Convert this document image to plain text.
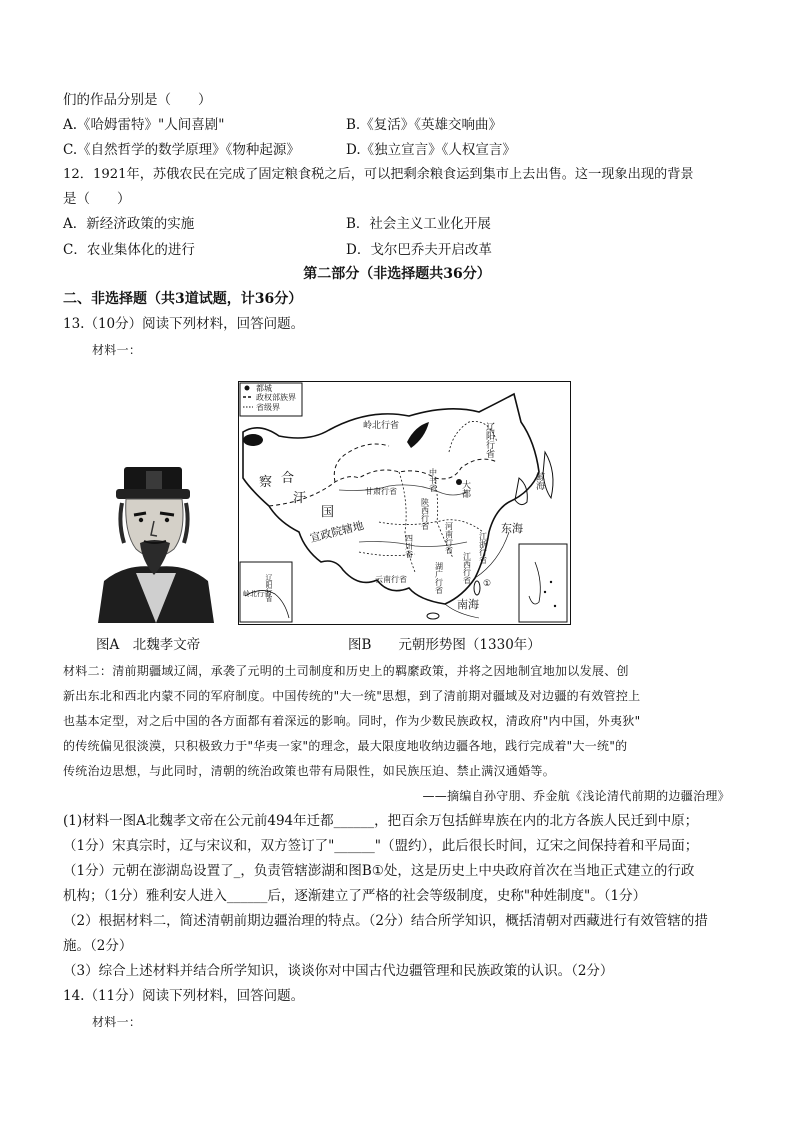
们的作品分别是（　　）
A.《哈姆雷特》"人间喜剧"	B.《复活》《英雄交响曲》
C.《自然哲学的数学原理》《物种起源》	D.《独立宣言》《人权宣言》
12．1921年，苏俄农民在完成了固定粮食税之后，可以把剩余粮食运到集市上去出售。这一现象出现的背景
是（　　）
A．新经济政策的实施	B．社会主义工业化开展
C．农业集体化的进行	D．戈尔巴乔夫开启改革
第二部分（非选择题共36分）
二、非选择题（共3道试题，计36分）
13.（10分）阅读下列材料，回答问题。
材料一：
都城
政权部族界
省级界
岭北行省	辽阳行省
鲸海
察 合
汗
国
宣政院辖地
甘肃行省	中书省	大都
陕西行省
河南行省	江浙行省
江西行省
四川省
云南行省	湖广行省
东海
南海
岭北行省
辽阳行省	①
图A　北魏孝文帝	图B　　元朝形势图（1330年）
材料二：清前期疆域辽阔，承袭了元明的土司制度和历史上的羁縻政策，并将之因地制宜地加以发展、创
新出东北和西北内蒙不同的军府制度。中国传统的"大一统"思想，到了清前期对疆域及对边疆的有效管控上
也基本定型，对之后中国的各方面都有着深远的影响。同时，作为少数民族政权，清政府"内中国，外夷狄"
的传统偏见很淡漠，只积极致力于"华夷一家"的理念，最大限度地收纳边疆各地，践行完成着"大一统"的
传统治边思想，与此同时，清朝的统治政策也带有局限性，如民族压迫、禁止满汉通婚等。
——摘编自孙守朋、乔金航《浅论清代前期的边疆治理》
(1)材料一图A北魏孝文帝在公元前494年迁都______，把百余万包括鲜卑族在内的北方各族人民迁到中原；
（1分）宋真宗时，辽与宋议和，双方签订了"______"（盟约），此后很长时间，辽宋之间保持着和平局面；
（1分）元朝在澎湖岛设置了_，负责管辖澎湖和图B①处，这是历史上中央政府首次在当地正式建立的行政
机构；（1分）雅利安人进入______后，逐渐建立了严格的社会等级制度，史称"种姓制度"。（1分）
（2）根据材料二，简述清朝前期边疆治理的特点。（2分）结合所学知识，概括清朝对西藏进行有效管辖的措
施。（2分）
（3）综合上述材料并结合所学知识，谈谈你对中国古代边疆管理和民族政策的认识。（2分）
14.（11分）阅读下列材料，回答问题。
材料一：
